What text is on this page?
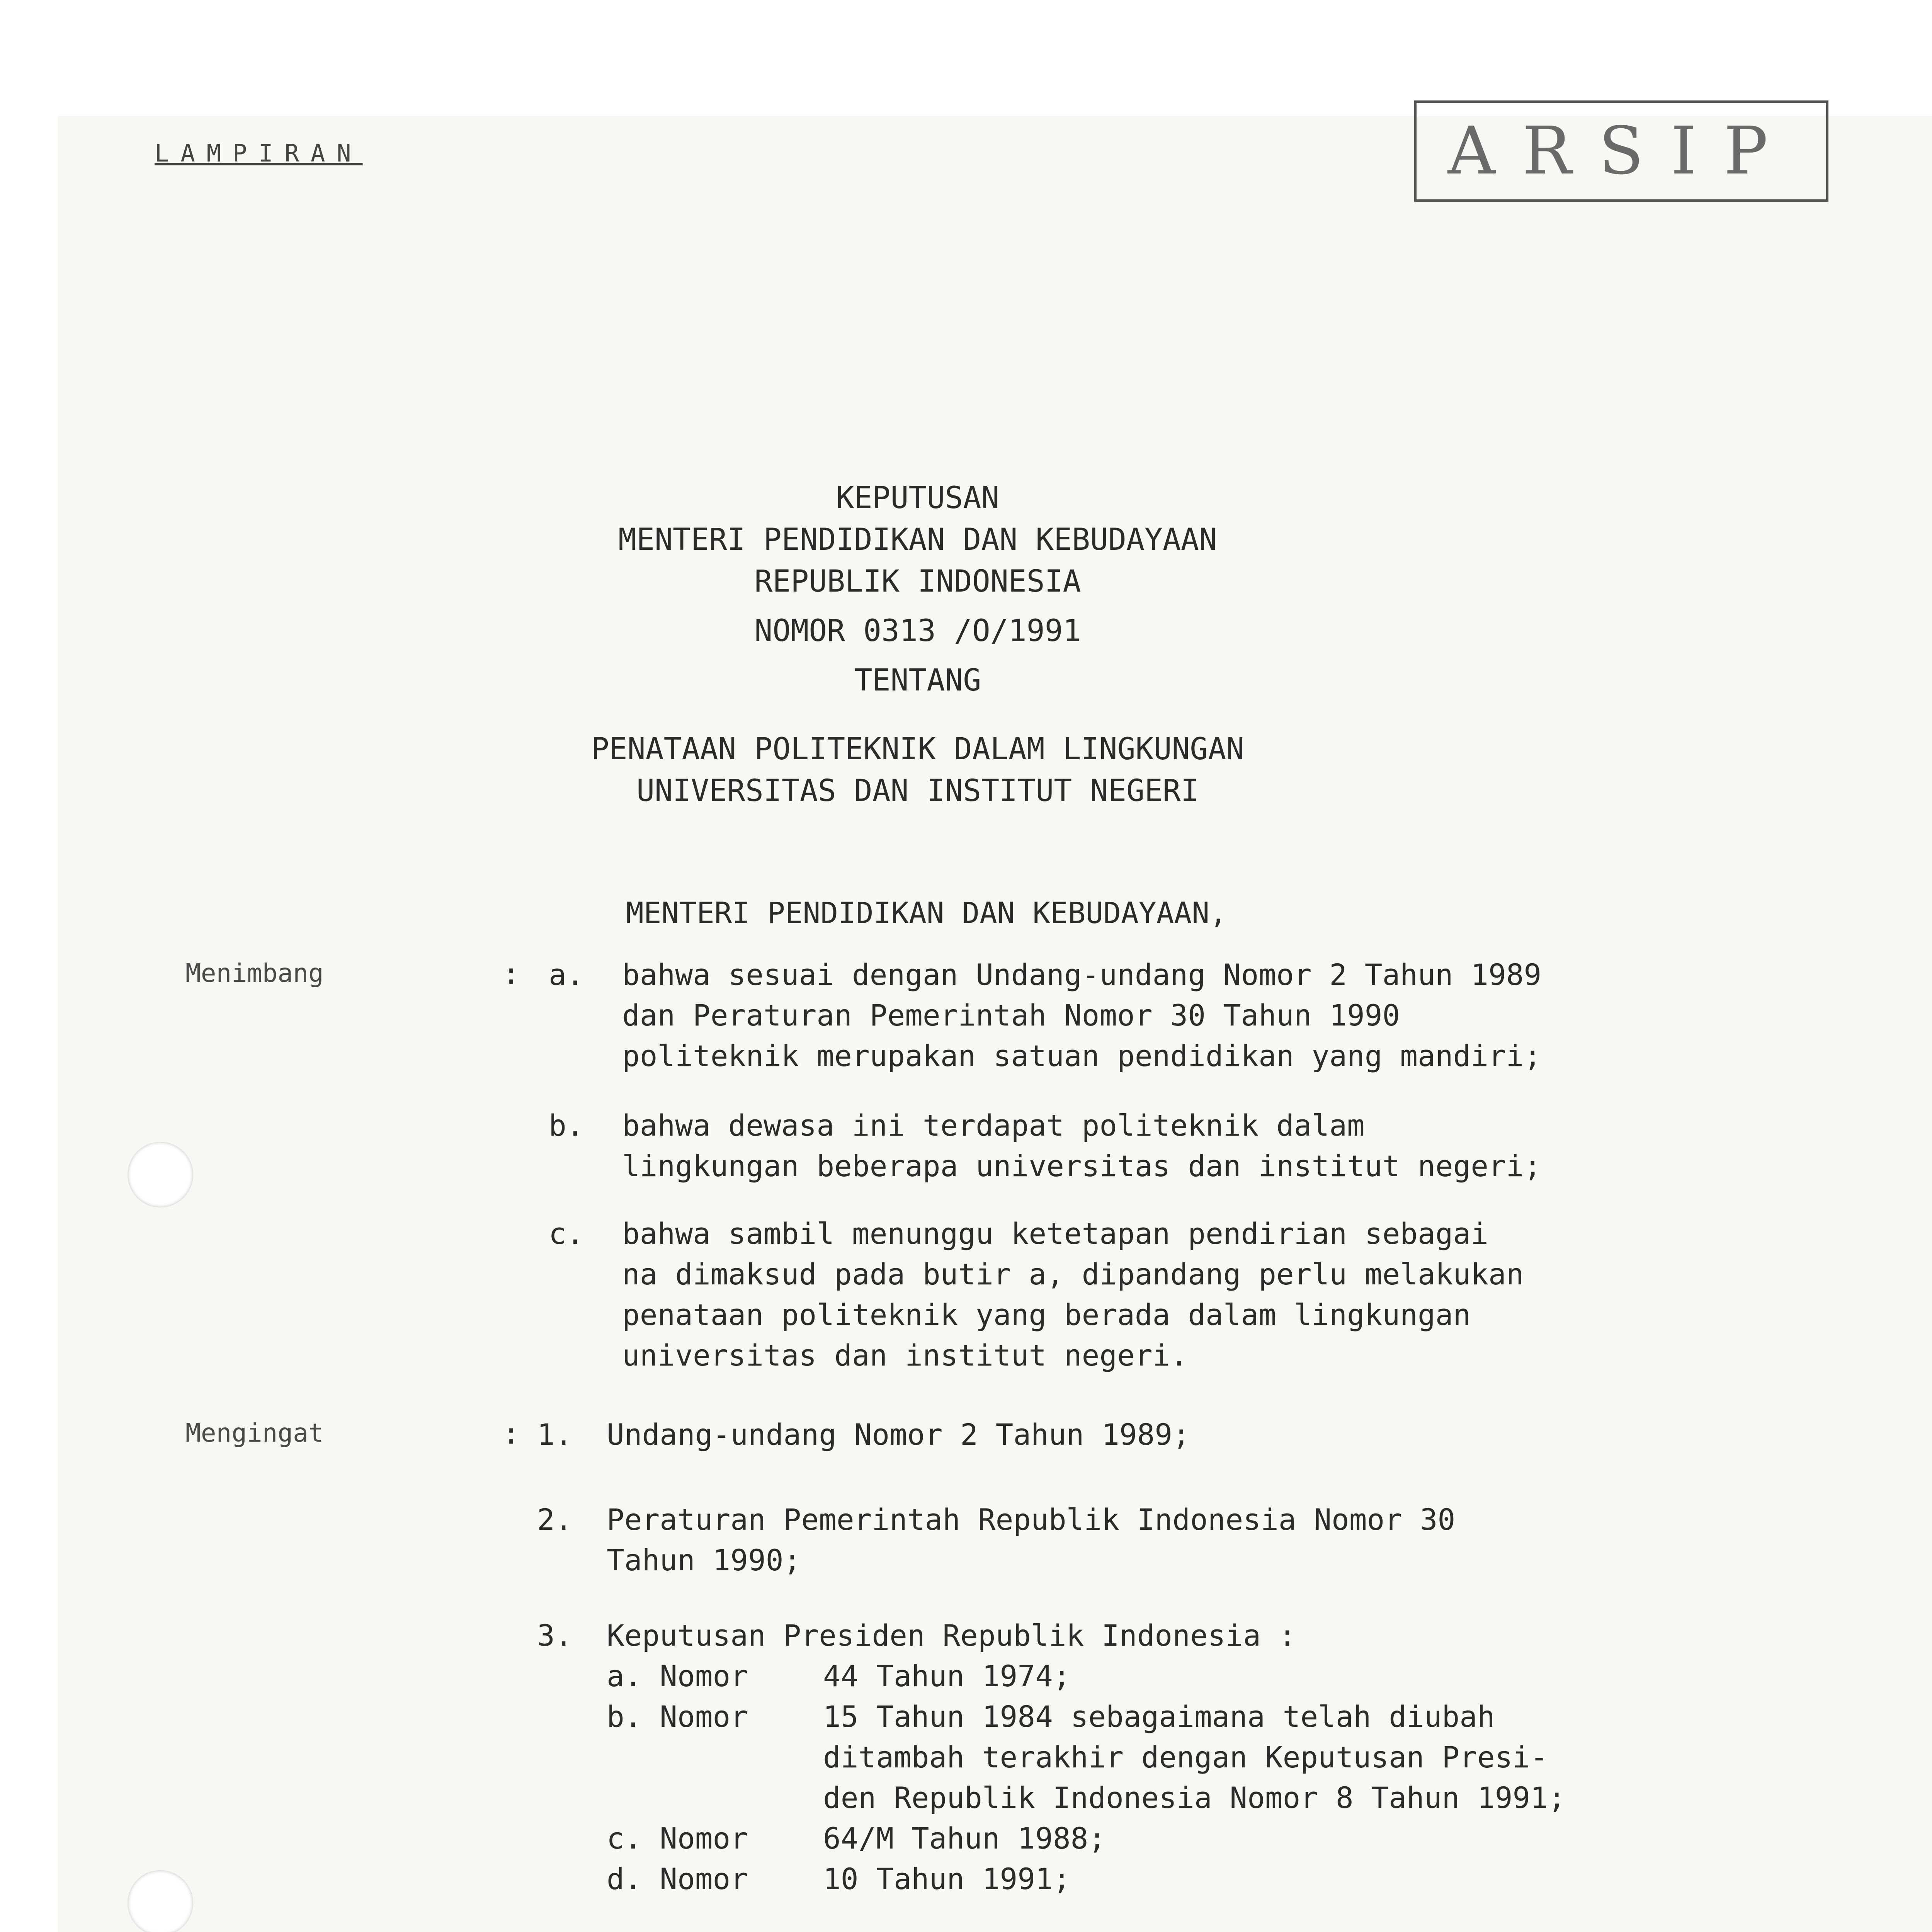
LAMPIRAN	ARSIP
KEPUTUSAN
MENTERI PENDIDIKAN DAN KEBUDAYAAN
REPUBLIK INDONESIA
NOMOR 0313 /O/1991
TENTANG
PENATAAN POLITEKNIK DALAM LINGKUNGAN
UNIVERSITAS DAN INSTITUT NEGERI
MENTERI PENDIDIKAN DAN KEBUDAYAAN,
Menimbang	: a. bahwa sesuai dengan Undang-undang Nomor 2 Tahun 1989
dan Peraturan Pemerintah Nomor 30 Tahun 1990
politeknik merupakan satuan pendidikan yang mandiri;
b. bahwa dewasa ini terdapat politeknik dalam
lingkungan beberapa universitas dan institut negeri;
c. bahwa sambil menunggu ketetapan pendirian sebagai
na dimaksud pada butir a, dipandang perlu melakukan
penataan politeknik yang berada dalam lingkungan
universitas dan institut negeri.
Mengingat	: 1. Undang-undang Nomor 2 Tahun 1989;
2. Peraturan Pemerintah Republik Indonesia Nomor 30
Tahun 1990;
3. Keputusan Presiden Republik Indonesia :
a. Nomor	44 Tahun 1974;
b. Nomor	15 Tahun 1984 sebagaimana telah diubah
ditambah terakhir dengan Keputusan Presi-
den Republik Indonesia Nomor 8 Tahun 1991;
c. Nomor	64/M Tahun 1988;
d. Nomor	10 Tahun 1991;
